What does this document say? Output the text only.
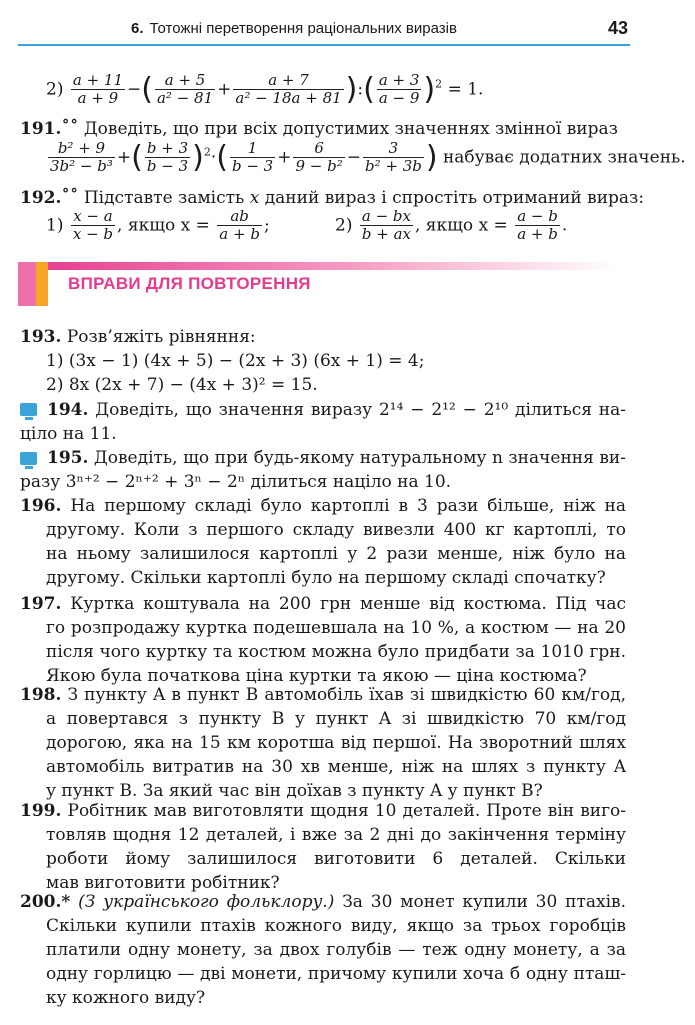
6. Тотожні перетворення раціональних виразів	43
$2) \frac{a + 11}{a + 9}$ −( $\frac{a + 5}{\text{a² − 81}} + \frac{a + 7}{\text{a² − 18a + 81}}$ ):( $\frac{a + 3}{a - 9} )^2 = 1$.
191.˚˚ Доведіть, що при всіх допустимих значеннях змінної вираз
$\frac{\text{b² + 9}}{\text{3b² − b³}}$ +( $\frac{b + 3}{b - 3} )^2\cdot( \frac{1}{b - 3} + \frac{6}{\text{9 − b²}} - \frac{3}{\text{b² + 3b}}$ ) набуває додатних значень.
192.˚˚ Підставте замість x даний вираз і спростіть отриманий вираз:
$1) \frac{x - a}{x - b}$ , якщо $x = \frac{ab}{a + b}$ ;	$2) \frac{a - bx}{b + ax}$ , якщо $x = \frac{a - b}{a + b}$ .
ВПРАВИ ДЛЯ ПОВТОРЕННЯ
193. Розв’яжіть рівняння:
1) (3x − 1) (4x + 5) − (2x + 3) (6x + 1) = 4;
2) 8x (2x + 7) − (4x + 3)² = 15.
194. Доведіть, що значення виразу 2¹⁴ − 2¹² − 2¹⁰ ділиться на-
ціло на 11.
195. Доведіть, що при будь-якому натуральному n значення ви-
разу 3ⁿ⁺² − 2ⁿ⁺² + 3ⁿ − 2ⁿ ділиться націло на 10.
196. На першому складі було картоплі в 3 рази більше, ніж на
другому. Коли з першого складу вивезли 400 кг картоплі, то
на ньому залишилося картоплі у 2 рази менше, ніж було на
другому. Скільки картоплі було на першому складі спочатку?
197. Куртка коштувала на 200 грн менше від костюма. Під час
го розпродажу куртка подешевшала на 10 %, а костюм — на 20
після чого куртку та костюм можна було придбати за 1010 грн.
Якою була початкова ціна куртки та якою — ціна костюма?
198. З пункту A в пункт B автомобіль їхав зі швидкістю 60 км/год,
а повертався з пункту B у пункт A зі швидкістю 70 км/год
дорогою, яка на 15 км коротша від першої. На зворотний шлях
автомобіль витратив на 30 хв менше, ніж на шлях з пункту A
у пункт B. За який час він доїхав з пункту A у пункт B?
199. Робітник мав виготовляти щодня 10 деталей. Проте він виго-
товляв щодня 12 деталей, і вже за 2 дні до закінчення терміну
роботи йому залишилося виготовити 6 деталей. Скільки
мав виготовити робітник?
200.* (З українського фольклору.) За 30 монет купили 30 птахів.
Скільки купили птахів кожного виду, якщо за трьох горобців
платили одну монету, за двох голубів — теж одну монету, а за
одну горлицю — дві монети, причому купили хоча б одну пташ-
ку кожного виду?
